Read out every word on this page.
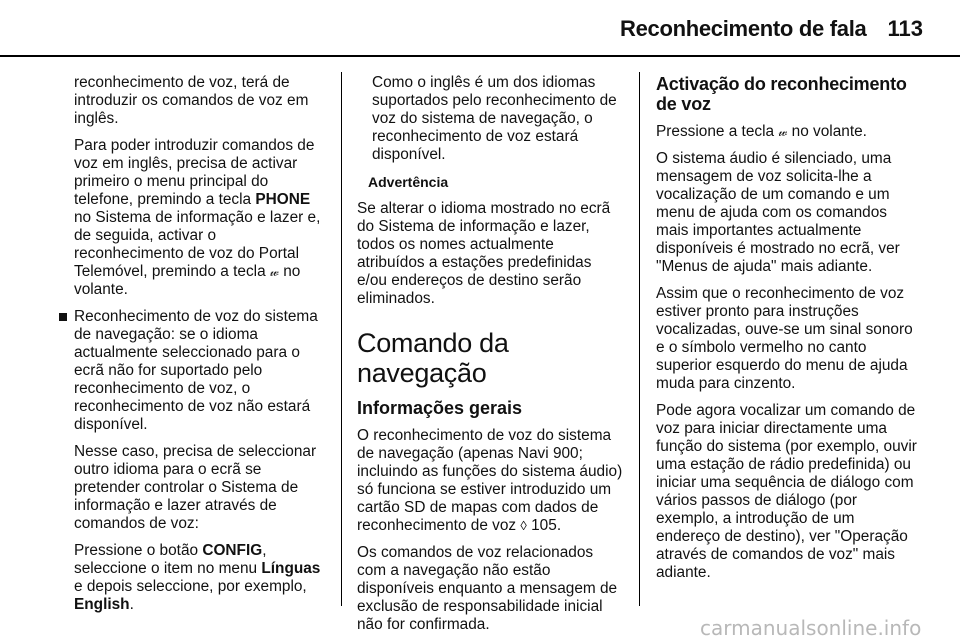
Reconhecimento de fala 113

reconhecimento de voz, terá de introduzir os comandos de voz em inglês.

Para poder introduzir comandos de voz em inglês, precisa de activar primeiro o menu principal do telefone, premindo a tecla PHONE no Sistema de informação e lazer e, de seguida, activar o reconhecimento de voz do Portal Telemóvel, premindo a tecla 𝓌 no volante.

Reconhecimento de voz do sistema de navegação: se o idioma actualmente seleccionado para o ecrã não for suportado pelo reconhecimento de voz, o reconhecimento de voz não estará disponível.

Nesse caso, precisa de seleccionar outro idioma para o ecrã se pretender controlar o Sistema de informação e lazer através de comandos de voz:

Pressione o botão CONFIG, seleccione o item no menu Línguas e depois seleccione, por exemplo, English.

Como o inglês é um dos idiomas suportados pelo reconhecimento de voz do sistema de navegação, o reconhecimento de voz estará disponível.

Advertência

Se alterar o idioma mostrado no ecrã do Sistema de informação e lazer, todos os nomes actualmente atribuídos a estações predefinidas e/ou endereços de destino serão eliminados.

Comando da navegação

Informações gerais

O reconhecimento de voz do sistema de navegação (apenas Navi 900; incluindo as funções do sistema áudio) só funciona se estiver introduzido um cartão SD de mapas com dados de reconhecimento de voz ◊ 105.

Os comandos de voz relacionados com a navegação não estão disponíveis enquanto a mensagem de exclusão de responsabilidade inicial não for confirmada.

Activação do reconhecimento de voz

Pressione a tecla 𝓌 no volante.

O sistema áudio é silenciado, uma mensagem de voz solicita-lhe a vocalização de um comando e um menu de ajuda com os comandos mais importantes actualmente disponíveis é mostrado no ecrã, ver "Menus de ajuda" mais adiante.

Assim que o reconhecimento de voz estiver pronto para instruções vocalizadas, ouve-se um sinal sonoro e o símbolo vermelho no canto superior esquerdo do menu de ajuda muda para cinzento.

Pode agora vocalizar um comando de voz para iniciar directamente uma função do sistema (por exemplo, ouvir uma estação de rádio predefinida) ou iniciar uma sequência de diálogo com vários passos de diálogo (por exemplo, a introdução de um endereço de destino), ver "Operação através de comandos de voz" mais adiante.

carmanualsonline.info
